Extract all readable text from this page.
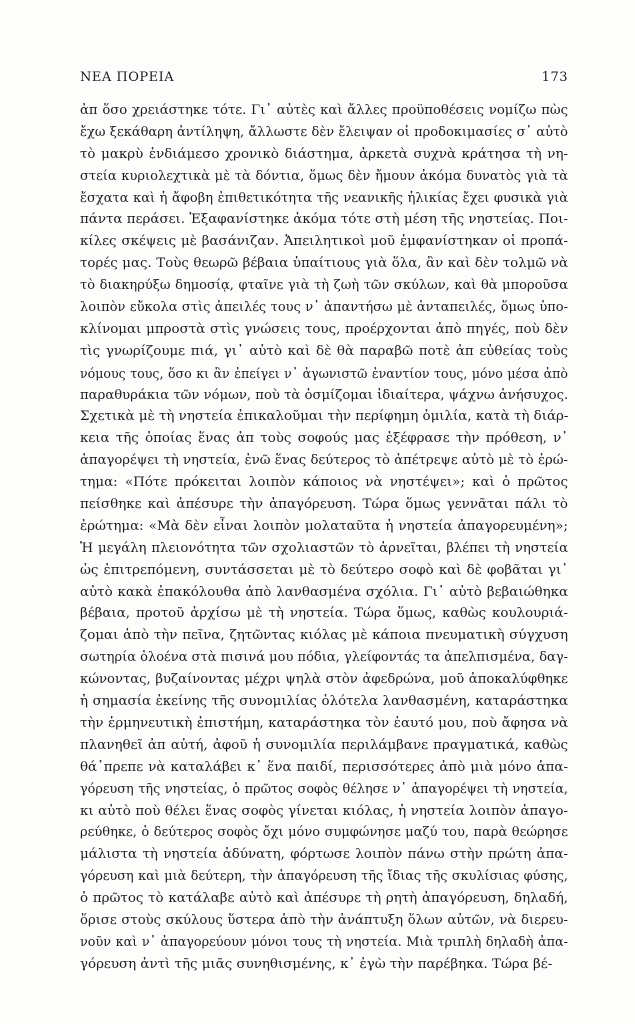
ΝΕΑ ΠΟΡΕΙΑ	173
ἀπ ὅσο χρειάστηκε τότε. Γι᾽ αὐτὲς καὶ ἄλλες προϋποθέσεις νομίζω πὼς
ἔχω ξεκάθαρη ἀντίληψη, ἄλλωστε δὲν ἔλειψαν οἱ προδοκιμασίες σ᾽ αὐτὸ
τὸ μακρὺ ἐνδιάμεσο χρονικὸ διάστημα, ἀρκετὰ συχνὰ κράτησα τὴ νη-
στεία κυριολεχτικὰ μὲ τὰ δόντια, ὅμως δὲν ἤμουν ἀκόμα δυνατὸς γιὰ τὰ
ἔσχατα καὶ ἡ ἄφοβη ἐπιθετικότητα τῆς νεανικῆς ἡλικίας ἔχει φυσικὰ γιὰ
πάντα περάσει. Ἐξαφανίστηκε ἀκόμα τότε στὴ μέση τῆς νηστείας. Ποι-
κίλες σκέψεις μὲ βασάνιζαν. Ἀπειλητικοὶ μοῦ ἐμφανίστηκαν οἱ προπά-
τορές μας. Τοὺς θεωρῶ βέβαια ὑπαίτιους γιὰ ὅλα, ἂν καὶ δὲν τολμῶ νὰ
τὸ διακηρύξω δημοσίᾳ, φταῖνε γιὰ τὴ ζωὴ τῶν σκύλων, καὶ θὰ μποροῦσα
λοιπὸν εὔκολα στὶς ἀπειλές τους ν᾽ ἀπαντήσω μὲ ἀνταπειλές, ὅμως ὑπο-
κλίνομαι μπροστὰ στὶς γνώσεις τους, προέρχονται ἀπὸ πηγές, ποὺ δὲν
τὶς γνωρίζουμε πιά, γι᾽ αὐτὸ καὶ δὲ θὰ παραβῶ ποτὲ ἀπ εὐθείας τοὺς
νόμους τους, ὅσο κι ἂν ἐπείγει ν᾽ ἀγωνιστῶ ἐναντίον τους, μόνο μέσα ἀπὸ
παραθυράκια τῶν νόμων, ποὺ τὰ ὀσμίζομαι ἰδιαίτερα, ψάχνω ἀνήσυχος.
Σχετικὰ μὲ τὴ νηστεία ἐπικαλοῦμαι τὴν περίφημη ὁμιλία, κατὰ τὴ διάρ-
κεια τῆς ὁποίας ἕνας ἀπ τοὺς σοφούς μας ἐξέφρασε τὴν πρόθεση, ν᾽
ἀπαγορέψει τὴ νηστεία, ἐνῶ ἕνας δεύτερος τὸ ἀπέτρεψε αὐτὸ μὲ τὸ ἐρώ-
τημα: «Πότε πρόκειται λοιπὸν κάποιος νὰ νηστέψει»; καὶ ὁ πρῶτος
πείσθηκε καὶ ἀπέσυρε τὴν ἀπαγόρευση. Τώρα ὅμως γεννᾶται πάλι τὸ
ἐρώτημα: «Μὰ δὲν εἶναι λοιπὸν μολαταῦτα ἡ νηστεία ἀπαγορευμένη»;
Ἡ μεγάλη πλειονότητα τῶν σχολιαστῶν τὸ ἀρνεῖται, βλέπει τὴ νηστεία
ὡς ἐπιτρεπόμενη, συντάσσεται μὲ τὸ δεύτερο σοφὸ καὶ δὲ φοβᾶται γι᾽
αὐτὸ κακὰ ἐπακόλουθα ἀπὸ λανθασμένα σχόλια. Γι᾽ αὐτὸ βεβαιώθηκα
βέβαια, προτοῦ ἀρχίσω μὲ τὴ νηστεία. Τώρα ὅμως, καθὼς κουλουριά-
ζομαι ἀπὸ τὴν πεῖνα, ζητῶντας κιόλας μὲ κάποια πνευματικὴ σύγχυση
σωτηρία ὁλοένα στὰ πισινά μου πόδια, γλείφοντάς τα ἀπελπισμένα, δαγ-
κώνοντας, βυζαίνοντας μέχρι ψηλὰ στὸν ἀφεδρώνα, μοῦ ἀποκαλύφθηκε
ἡ σημασία ἐκείνης τῆς συνομιλίας ὁλότελα λανθασμένη, καταράστηκα
τὴν ἑρμηνευτικὴ ἐπιστήμη, καταράστηκα τὸν ἑαυτό μου, ποὺ ἄφησα νὰ
πλανηθεῖ ἀπ αὐτή, ἀφοῦ ἡ συνομιλία περιλάμβανε πραγματικά, καθὼς
θά᾽πρεπε νὰ καταλάβει κ᾽ ἕνα παιδί, περισσότερες ἀπὸ μιὰ μόνο ἀπα-
γόρευση τῆς νηστείας, ὁ πρῶτος σοφὸς θέλησε ν᾽ ἀπαγορέψει τὴ νηστεία,
κι αὐτὸ ποὺ θέλει ἕνας σοφὸς γίνεται κιόλας, ἡ νηστεία λοιπὸν ἀπαγο-
ρεύθηκε, ὁ δεύτερος σοφὸς ὄχι μόνο συμφώνησε μαζύ του, παρὰ θεώρησε
μάλιστα τὴ νηστεία ἀδύνατη, φόρτωσε λοιπὸν πάνω στὴν πρώτη ἀπα-
γόρευση καὶ μιὰ δεύτερη, τὴν ἀπαγόρευση τῆς ἴδιας τῆς σκυλίσιας φύσης,
ὁ πρῶτος τὸ κατάλαβε αὐτὸ καὶ ἀπέσυρε τὴ ρητὴ ἀπαγόρευση, δηλαδή,
ὅρισε στοὺς σκύλους ὕστερα ἀπὸ τὴν ἀνάπτυξη ὅλων αὐτῶν, νὰ διερευ-
νοῦν καὶ ν᾽ ἀπαγορεύουν μόνοι τους τὴ νηστεία. Μιὰ τριπλὴ δηλαδὴ ἀπα-
γόρευση ἀντὶ τῆς μιᾶς συνηθισμένης, κ᾽ ἐγὼ τὴν παρέβηκα. Τώρα βέ-
